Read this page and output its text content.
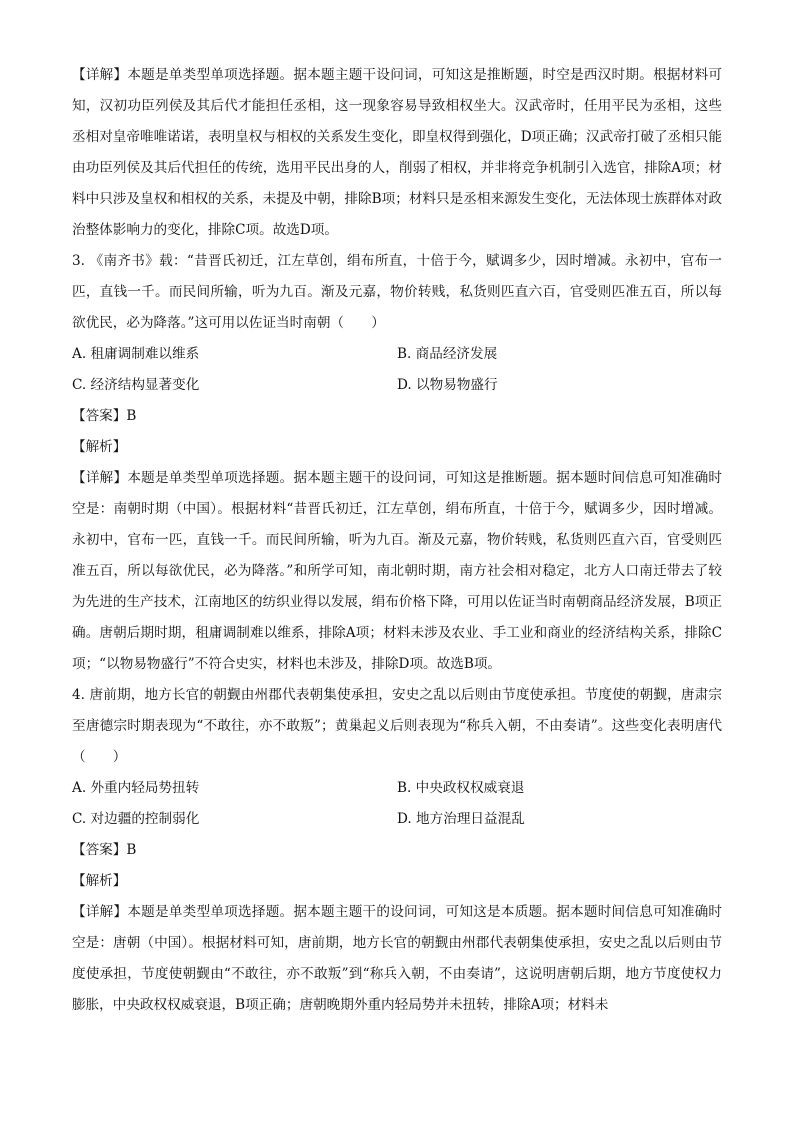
【详解】本题是单类型单项选择题。据本题主题干设问词，可知这是推断题，时空是西汉时期。根据材料可知，汉初功臣列侯及其后代才能担任丞相，这一现象容易导致相权坐大。汉武帝时，任用平民为丞相，这些丞相对皇帝唯唯诺诺，表明皇权与相权的关系发生变化，即皇权得到强化，D项正确；汉武帝打破了丞相只能由功臣列侯及其后代担任的传统，选用平民出身的人，削弱了相权，并非将竞争机制引入选官，排除A项；材料中只涉及皇权和相权的关系，未提及中朝，排除B项；材料只是丞相来源发生变化，无法体现士族群体对政治整体影响力的变化，排除C项。故选D项。

3. 《南齐书》载：“昔晋氏初迁，江左草创，绢布所直，十倍于今，赋调多少，因时增减。永初中，官布一匹，直钱一千。而民间所输，听为九百。渐及元嘉，物价转贱，私货则匹直六百，官受则匹准五百，所以每欲优民，必为降落。”这可用以佐证当时南朝（　　）

A. 租庸调制难以维系	B. 商品经济发展
C. 经济结构显著变化	D. 以物易物盛行

【答案】B

【解析】

【详解】本题是单类型单项选择题。据本题主题干的设问词，可知这是推断题。据本题时间信息可知准确时空是：南朝时期（中国）。根据材料“昔晋氏初迁，江左草创，绢布所直，十倍于今，赋调多少，因时增减。永初中，官布一匹，直钱一千。而民间所输，听为九百。渐及元嘉，物价转贱，私货则匹直六百，官受则匹准五百，所以每欲优民，必为降落。”和所学可知，南北朝时期，南方社会相对稳定，北方人口南迁带去了较为先进的生产技术，江南地区的纺织业得以发展，绢布价格下降，可用以佐证当时南朝商品经济发展，B项正确。唐朝后期时期，租庸调制难以维系，排除A项；材料未涉及农业、手工业和商业的经济结构关系，排除C项；“以物易物盛行”不符合史实，材料也未涉及，排除D项。故选B项。

4. 唐前期，地方长官的朝觐由州郡代表朝集使承担，安史之乱以后则由节度使承担。节度使的朝觐，唐肃宗至唐德宗时期表现为“不敢往，亦不敢叛”；黄巢起义后则表现为“称兵入朝，不由奏请”。这些变化表明唐代（　　）

A. 外重内轻局势扭转	B. 中央政权权威衰退
C. 对边疆的控制弱化	D. 地方治理日益混乱

【答案】B

【解析】

【详解】本题是单类型单项选择题。据本题主题干的设问词，可知这是本质题。据本题时间信息可知准确时空是：唐朝（中国）。根据材料可知，唐前期，地方长官的朝觐由州郡代表朝集使承担，安史之乱以后则由节度使承担，节度使朝觐由“不敢往，亦不敢叛”到“称兵入朝，不由奏请”，这说明唐朝后期，地方节度使权力膨胀，中央政权权威衰退，B项正确；唐朝晚期外重内轻局势并未扭转，排除A项；材料未
